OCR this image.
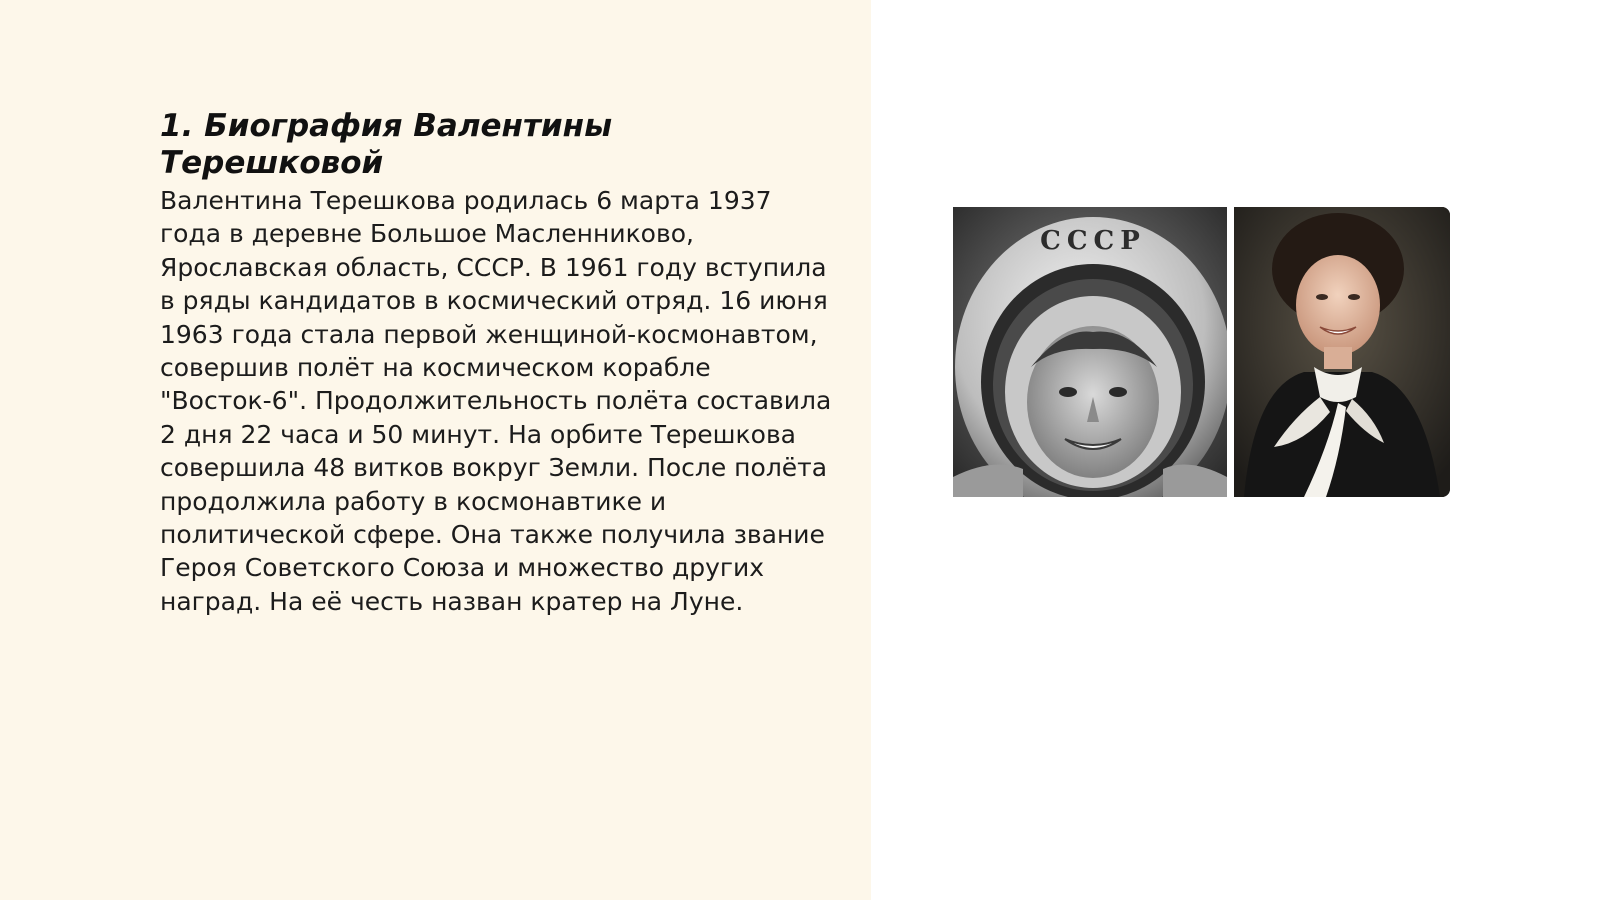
1. Биография Валентины Терешковой

Валентина Терешкова родилась 6 марта 1937 года в деревне Большое Масленниково, Ярославская область, СССР. В 1961 году вступила в ряды кандидатов в космический отряд. 16 июня 1963 года стала первой женщиной-космонавтом, совершив полёт на космическом корабле "Восток-6". Продолжительность полёта составила 2 дня 22 часа и 50 минут. На орбите Терешкова совершила 48 витков вокруг Земли. После полёта продолжила работу в космонавтике и политической сфере. Она также получила звание Героя Советского Союза и множество других наград. На её честь назван кратер на Луне.

СССР
